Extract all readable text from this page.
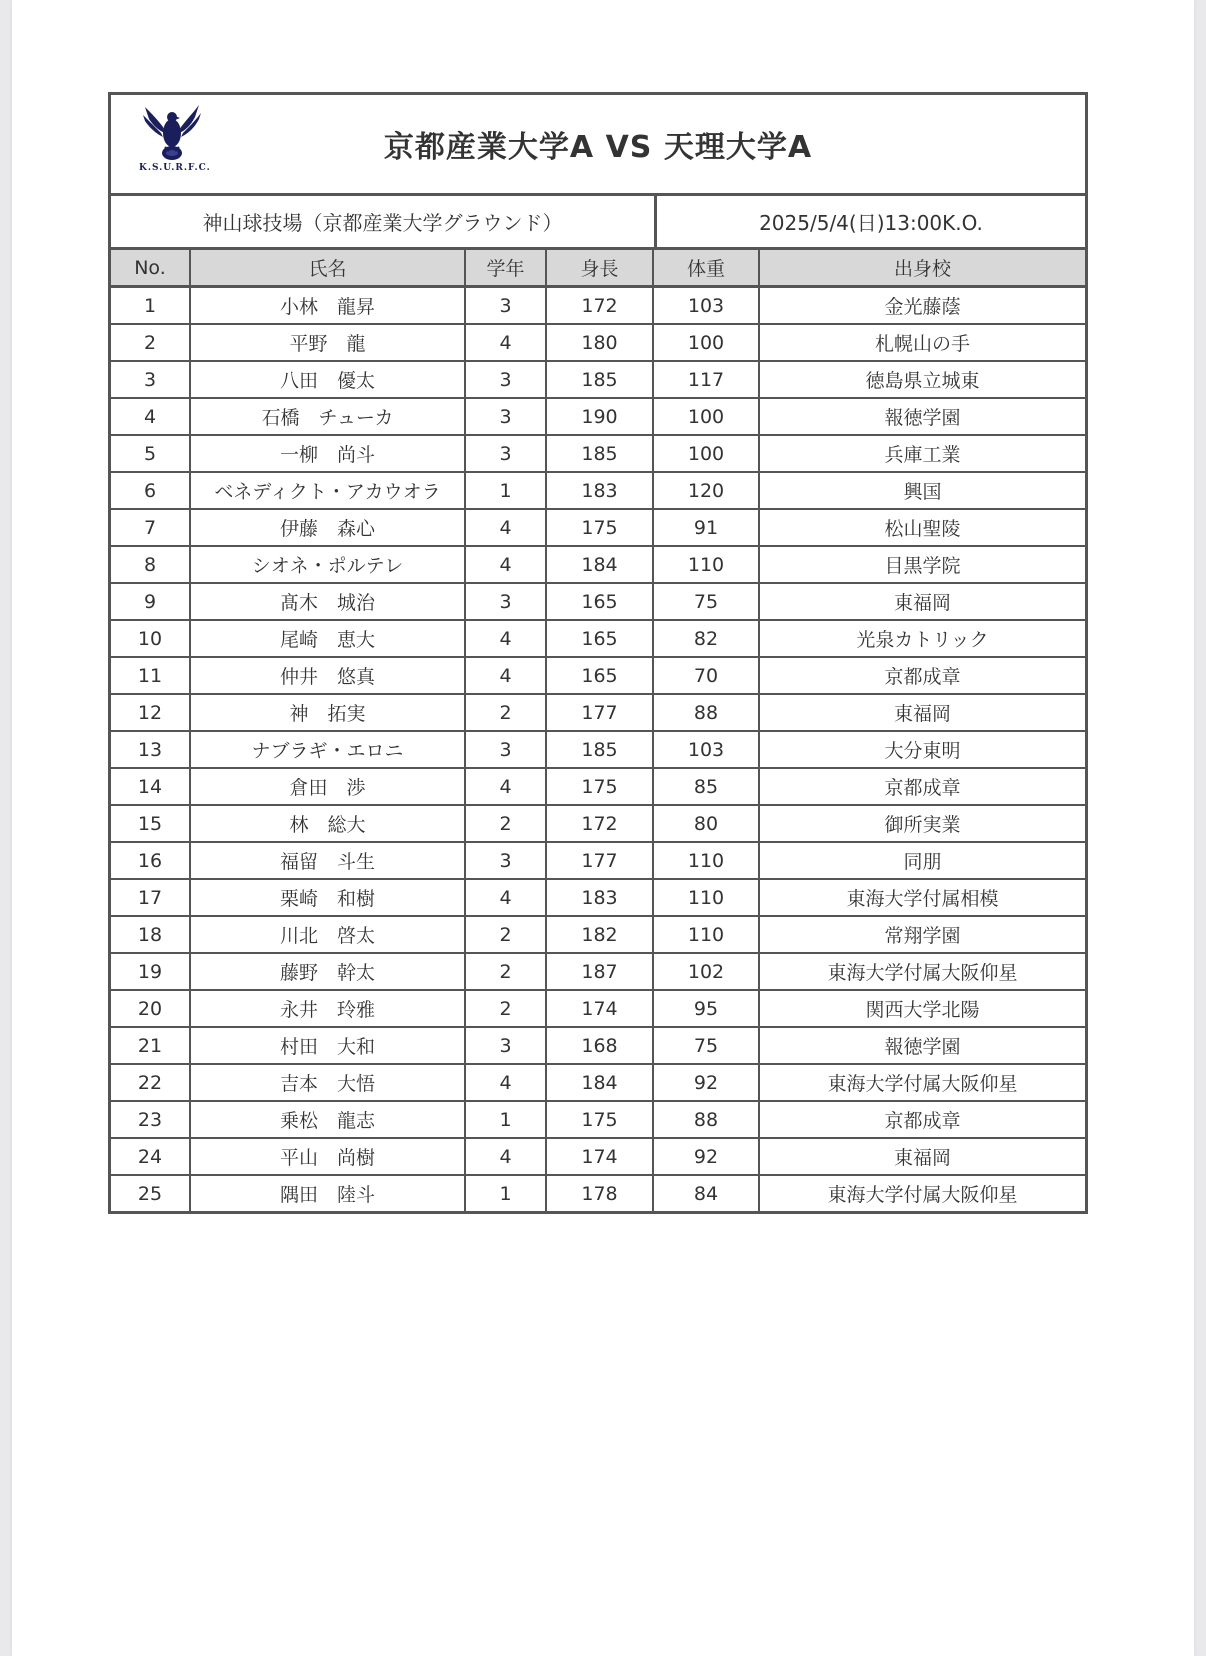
K.S.U.R.F.C.
京都産業大学A VS 天理大学A
神山球技場（京都産業大学グラウンド）	2025/5/4(日)13:00K.O.
No.	氏名	学年	身長	体重	出身校
1	小林　龍昇	3	172	103	金光藤蔭
2	平野　龍	4	180	100	札幌山の手
3	八田　優太	3	185	117	徳島県立城東
4	石橋　チューカ	3	190	100	報徳学園
5	一柳　尚斗	3	185	100	兵庫工業
6	ベネディクト・アカウオラ	1	183	120	興国
7	伊藤　森心	4	175	91	松山聖陵
8	シオネ・ポルテレ	4	184	110	目黒学院
9	髙木　城治	3	165	75	東福岡
10	尾崎　恵大	4	165	82	光泉カトリック
11	仲井　悠真	4	165	70	京都成章
12	神　拓実	2	177	88	東福岡
13	ナブラギ・エロニ	3	185	103	大分東明
14	倉田　渉	4	175	85	京都成章
15	林　総大	2	172	80	御所実業
16	福留　斗生	3	177	110	同朋
17	栗崎　和樹	4	183	110	東海大学付属相模
18	川北　啓太	2	182	110	常翔学園
19	藤野　幹太	2	187	102	東海大学付属大阪仰星
20	永井　玲雅	2	174	95	関西大学北陽
21	村田　大和	3	168	75	報徳学園
22	吉本　大悟	4	184	92	東海大学付属大阪仰星
23	乗松　龍志	1	175	88	京都成章
24	平山　尚樹	4	174	92	東福岡
25	隅田　陸斗	1	178	84	東海大学付属大阪仰星
